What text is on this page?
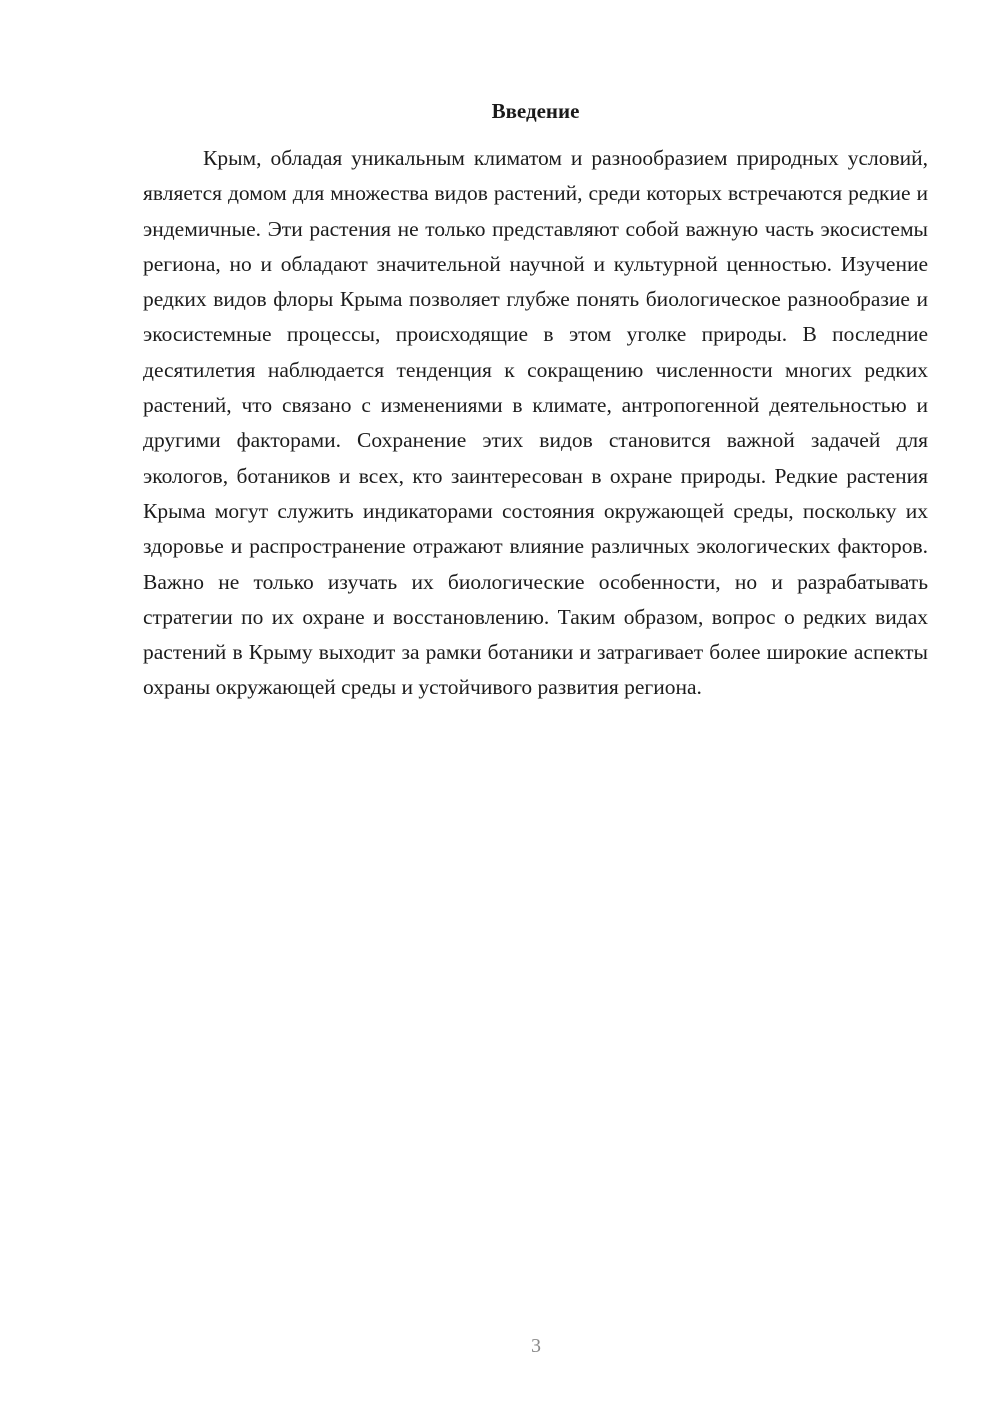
Введение

Крым, обладая уникальным климатом и разнообразием природных условий, является домом для множества видов растений, среди которых встречаются редкие и эндемичные. Эти растения не только представляют собой важную часть экосистемы региона, но и обладают значительной научной и культурной ценностью. Изучение редких видов флоры Крыма позволяет глубже понять биологическое разнообразие и экосистемные процессы, происходящие в этом уголке природы. В последние десятилетия наблюдается тенденция к сокращению численности многих редких растений, что связано с изменениями в климате, антропогенной деятельностью и другими факторами. Сохранение этих видов становится важной задачей для экологов, ботаников и всех, кто заинтересован в охране природы. Редкие растения Крыма могут служить индикаторами состояния окружающей среды, поскольку их здоровье и распространение отражают влияние различных экологических факторов. Важно не только изучать их биологические особенности, но и разрабатывать стратегии по их охране и восстановлению. Таким образом, вопрос о редких видах растений в Крыму выходит за рамки ботаники и затрагивает более широкие аспекты охраны окружающей среды и устойчивого развития региона.

3
